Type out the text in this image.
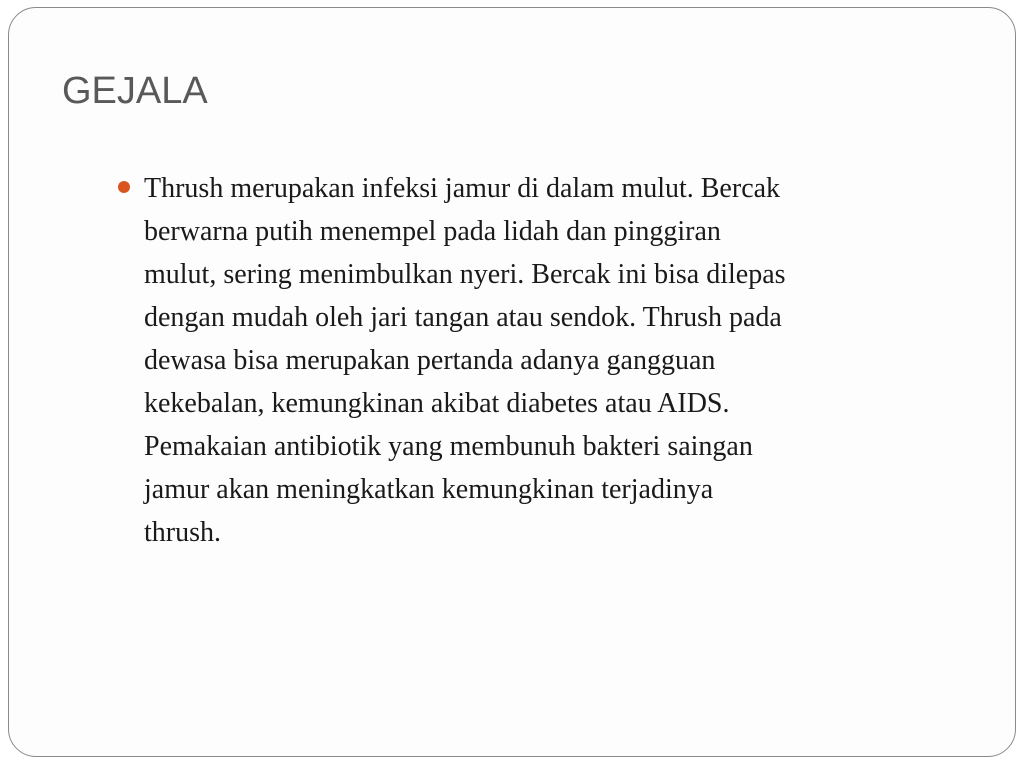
GEJALA
Thrush merupakan infeksi jamur di dalam mulut. Bercak
berwarna putih menempel pada lidah dan pinggiran
mulut, sering menimbulkan nyeri. Bercak ini bisa dilepas
dengan mudah oleh jari tangan atau sendok. Thrush pada
dewasa bisa merupakan pertanda adanya gangguan
kekebalan, kemungkinan akibat diabetes atau AIDS.
Pemakaian antibiotik yang membunuh bakteri saingan
jamur akan meningkatkan kemungkinan terjadinya
thrush.
